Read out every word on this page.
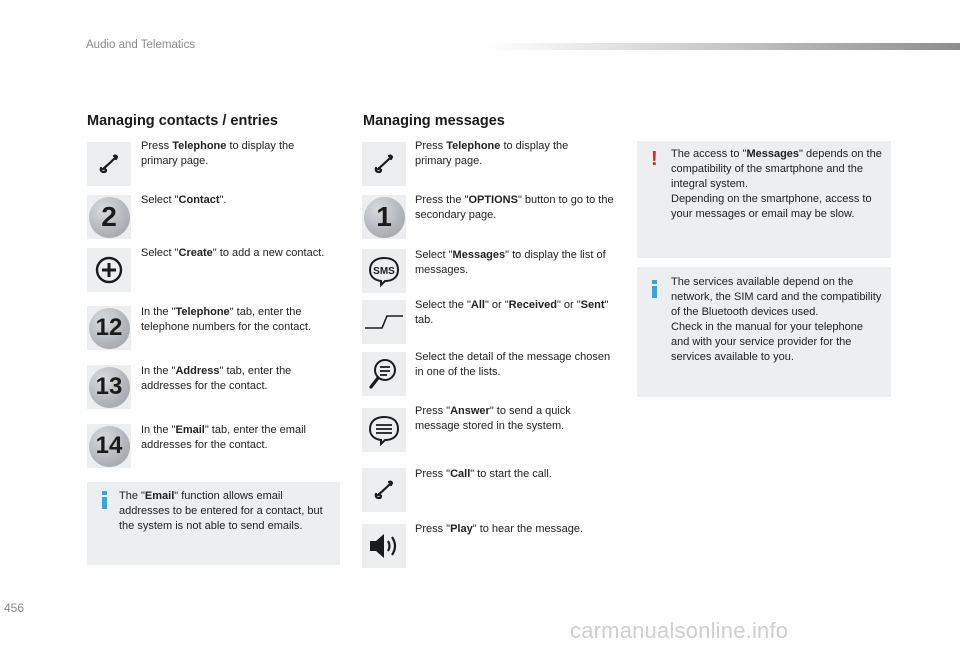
Audio and Telematics
Managing contacts / entries
Press Telephone to display the primary page.
2
Select "Contact".
Select "Create" to add a new contact.
12
In the "Telephone" tab, enter the telephone numbers for the contact.
13
In the "Address" tab, enter the addresses for the contact.
14
In the "Email" tab, enter the email addresses for the contact.
The "Email" function allows email addresses to be entered for a contact, but the system is not able to send emails.
Managing messages
Press Telephone to display the primary page.
1
Press the "OPTIONS" button to go to the secondary page.
SMS
Select "Messages" to display the list of messages.
Select the "All" or "Received" or "Sent" tab.
Select the detail of the message chosen in one of the lists.
Press "Answer" to send a quick message stored in the system.
Press "Call" to start the call.
Press "Play" to hear the message.
! The access to "Messages" depends on the compatibility of the smartphone and the integral system.
Depending on the smartphone, access to your messages or email may be slow.
The services available depend on the network, the SIM card and the compatibility of the Bluetooth devices used.
Check in the manual for your telephone and with your service provider for the services available to you.
456
carmanualsonline.info
